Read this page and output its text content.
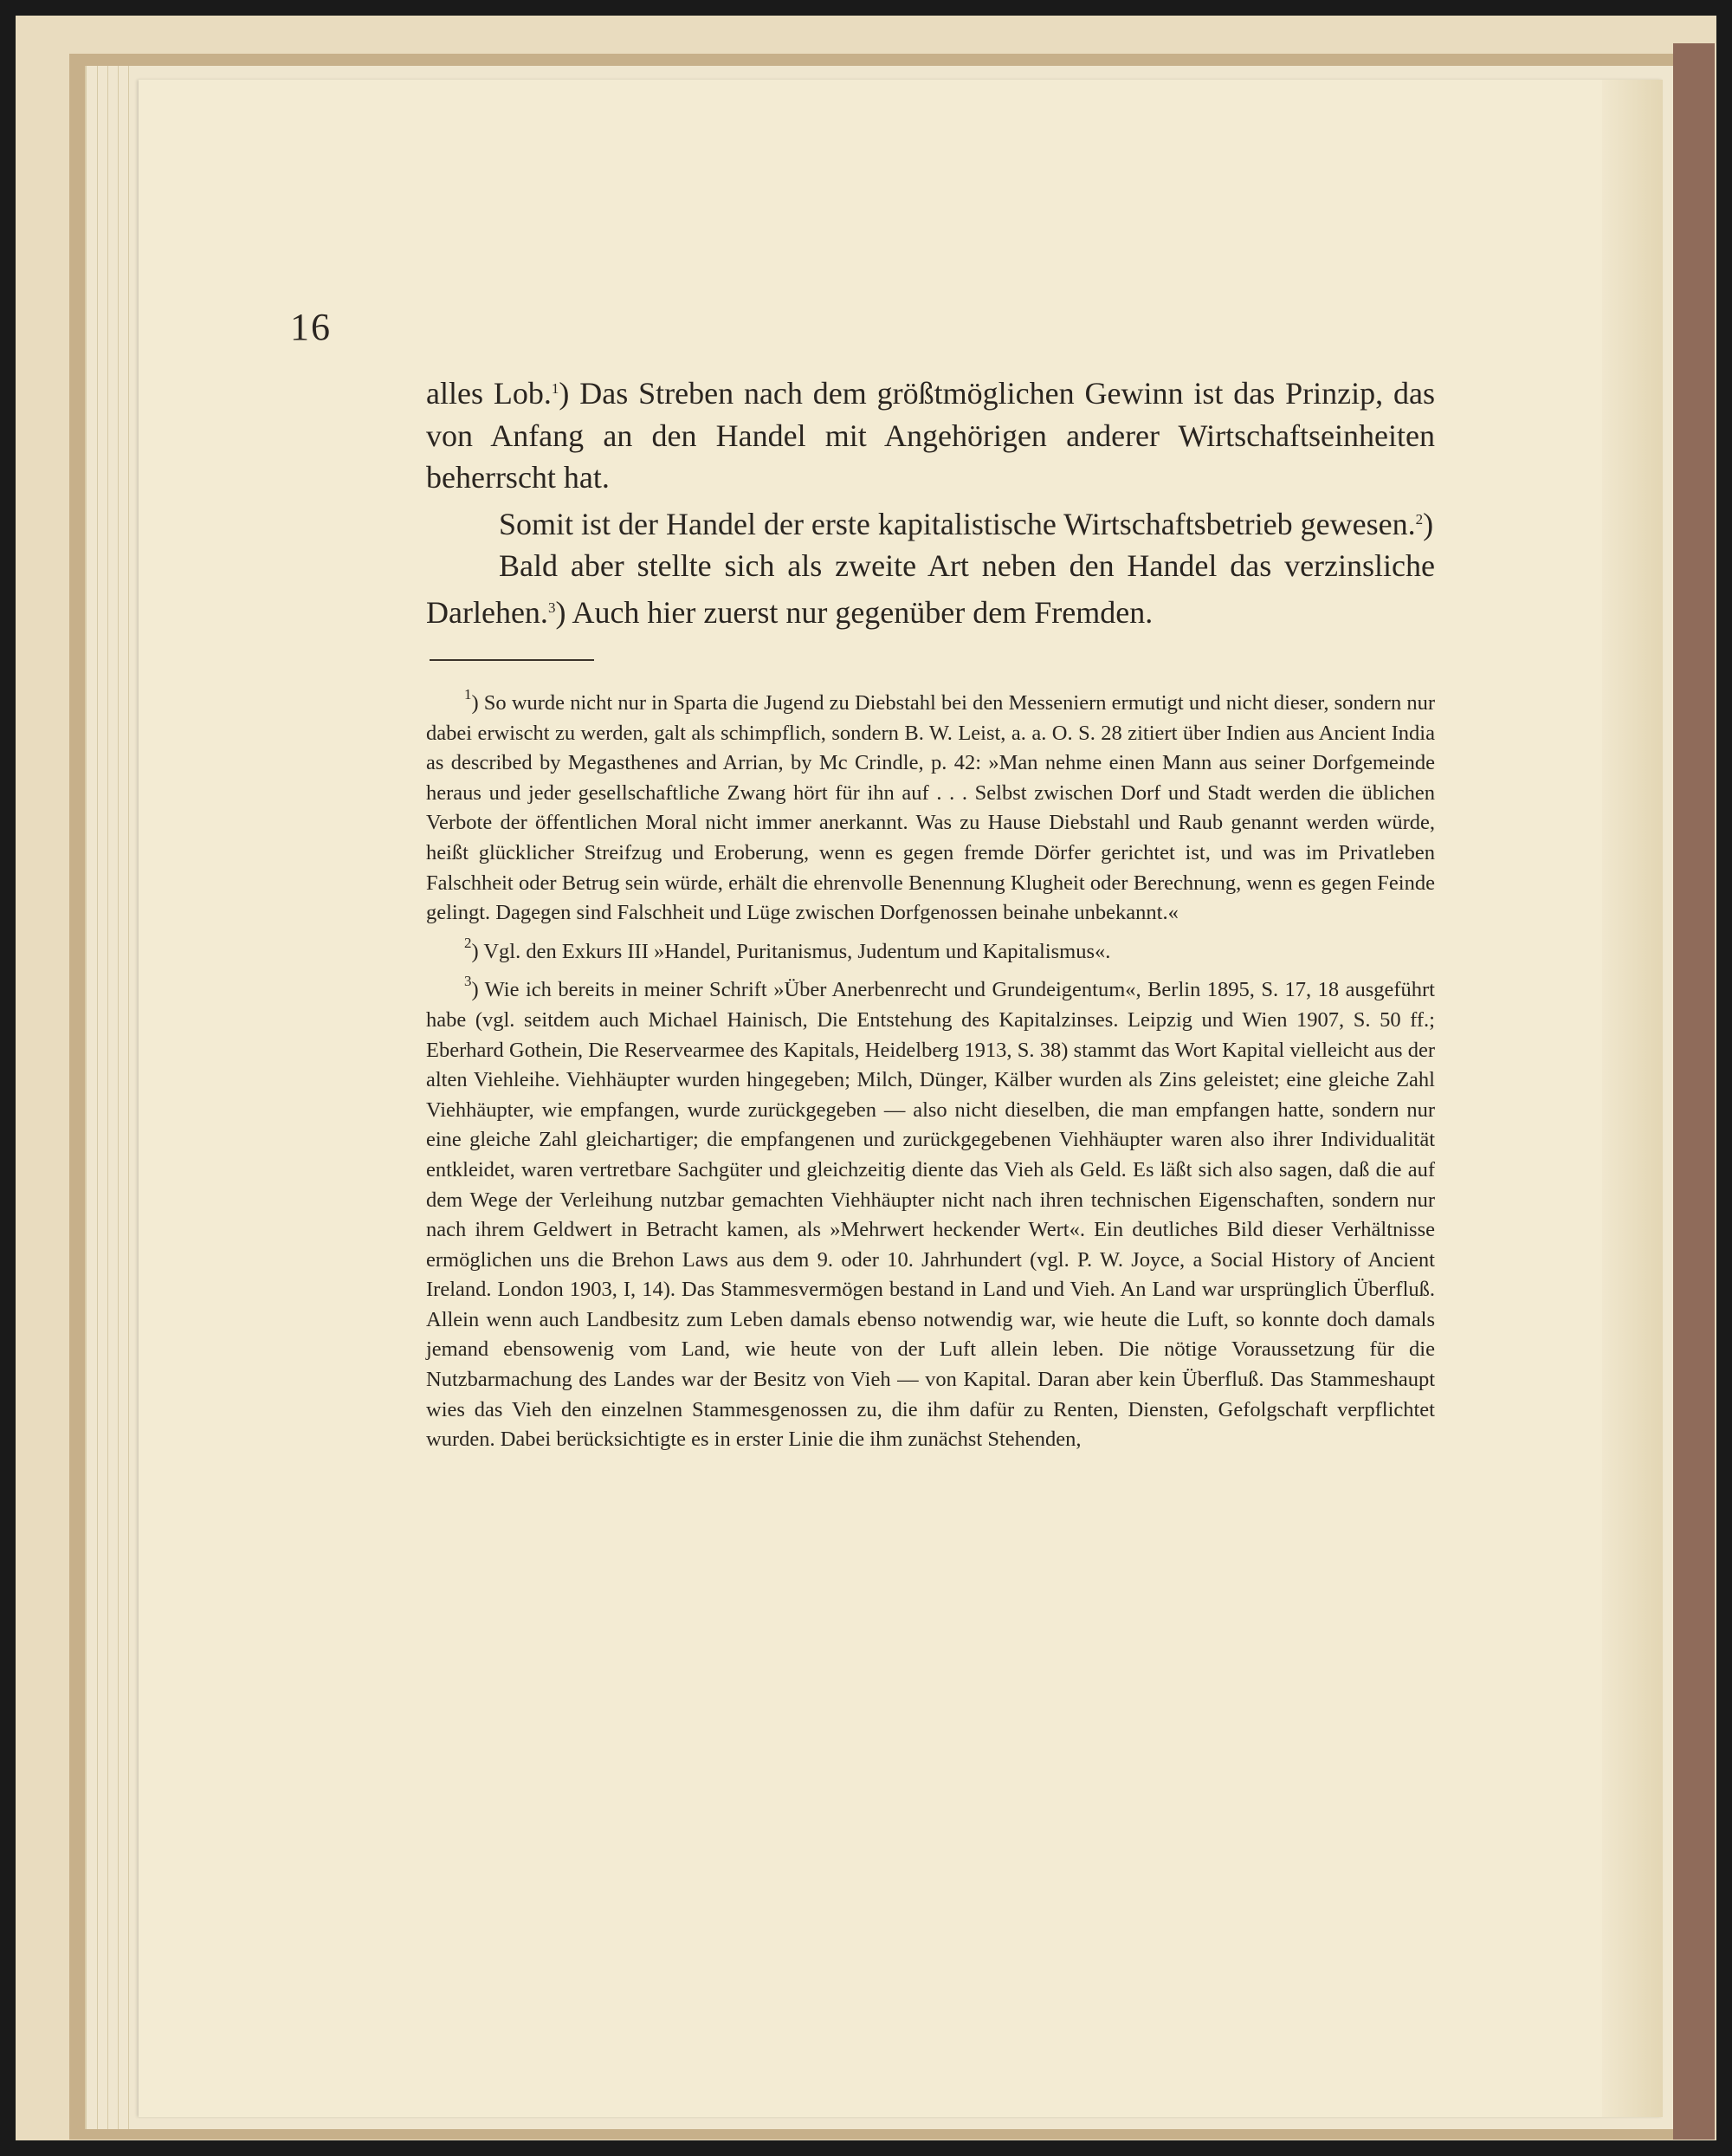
16

alles Lob.$^1$) Das Streben nach dem größtmöglichen Gewinn ist das Prinzip, das von Anfang an den Handel mit Angehörigen anderer Wirtschaftseinheiten beherrscht hat.

Somit ist der Handel der erste kapitalistische Wirtschaftsbetrieb gewesen.$^2$)

Bald aber stellte sich als zweite Art neben den Handel das verzinsliche Darlehen.$^3$) Auch hier zuerst nur gegenüber dem Fremden.

$^1$) So wurde nicht nur in Sparta die Jugend zu Diebstahl bei den Messeniern ermutigt und nicht dieser, sondern nur dabei erwischt zu werden, galt als schimpflich, sondern B. W. Leist, a. a. O. S. 28 zitiert über Indien aus Ancient India as described by Megasthenes and Arrian, by Mc Crindle, p. 42: »Man nehme einen Mann aus seiner Dorfgemeinde heraus und jeder gesellschaftliche Zwang hört für ihn auf . . . Selbst zwischen Dorf und Stadt werden die üblichen Verbote der öffentlichen Moral nicht immer anerkannt. Was zu Hause Diebstahl und Raub genannt werden würde, heißt glücklicher Streifzug und Eroberung, wenn es gegen fremde Dörfer gerichtet ist, und was im Privatleben Falschheit oder Betrug sein würde, erhält die ehrenvolle Benennung Klugheit oder Berechnung, wenn es gegen Feinde gelingt. Dagegen sind Falschheit und Lüge zwischen Dorfgenossen beinahe unbekannt.«

$^2$) Vgl. den Exkurs III »Handel, Puritanismus, Judentum und Kapitalismus«.

$^3$) Wie ich bereits in meiner Schrift »Über Anerbenrecht und Grundeigentum«, Berlin 1895, S. 17, 18 ausgeführt habe (vgl. seitdem auch Michael Hainisch, Die Entstehung des Kapitalzinses. Leipzig und Wien 1907, S. 50 ff.; Eberhard Gothein, Die Reservearmee des Kapitals, Heidelberg 1913, S. 38) stammt das Wort Kapital vielleicht aus der alten Viehleihe. Viehhäupter wurden hingegeben; Milch, Dünger, Kälber wurden als Zins geleistet; eine gleiche Zahl Viehhäupter, wie empfangen, wurde zurückgegeben — also nicht dieselben, die man empfangen hatte, sondern nur eine gleiche Zahl gleichartiger; die empfangenen und zurückgegebenen Viehhäupter waren also ihrer Individualität entkleidet, waren vertretbare Sachgüter und gleichzeitig diente das Vieh als Geld. Es läßt sich also sagen, daß die auf dem Wege der Verleihung nutzbar gemachten Viehhäupter nicht nach ihren technischen Eigenschaften, sondern nur nach ihrem Geldwert in Betracht kamen, als »Mehrwert heckender Wert«. Ein deutliches Bild dieser Verhältnisse ermöglichen uns die Brehon Laws aus dem 9. oder 10. Jahrhundert (vgl. P. W. Joyce, a Social History of Ancient Ireland. London 1903, I, 14). Das Stammesvermögen bestand in Land und Vieh. An Land war ursprünglich Überfluß. Allein wenn auch Landbesitz zum Leben damals ebenso notwendig war, wie heute die Luft, so konnte doch damals jemand ebensowenig vom Land, wie heute von der Luft allein leben. Die nötige Voraussetzung für die Nutzbarmachung des Landes war der Besitz von Vieh — von Kapital. Daran aber kein Überfluß. Das Stammeshaupt wies das Vieh den einzelnen Stammesgenossen zu, die ihm dafür zu Renten, Diensten, Gefolgschaft verpflichtet wurden. Dabei berücksichtigte es in erster Linie die ihm zunächst Stehenden,
